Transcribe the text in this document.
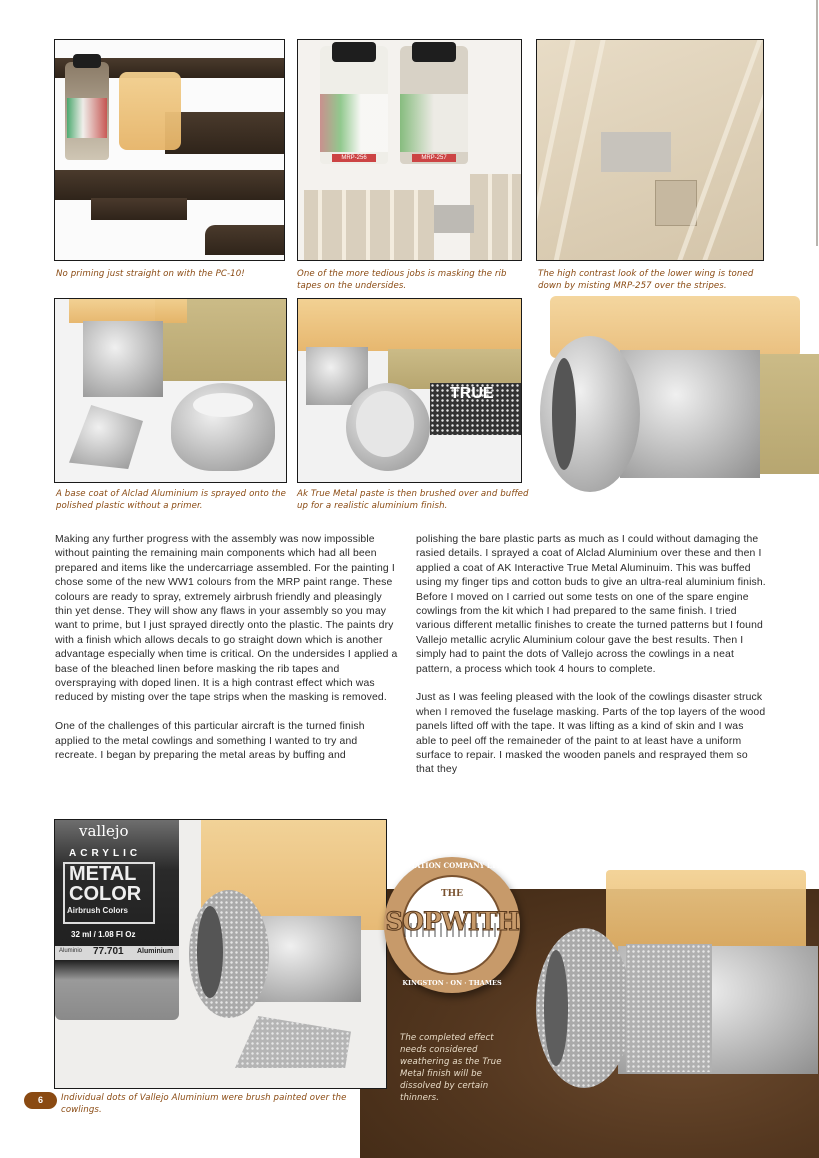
MRP-256	MRP-257
No priming just straight on with the PC-10!	One of the more tedious jobs is masking the rib tapes on the undersides.
The high contrast look of the lower wing is toned down by misting MRP-257 over the stripes.
TRUE
A base coat of Alclad Aluminium is sprayed onto the polished plastic without a primer.
Ak True Metal paste is then brushed over and buffed up for a realistic aluminium finish.

Making any further progress with the assembly was now impossible without painting the remaining main components which had all been prepared and items like the undercarriage assembled. For the painting I chose some of the new WW1 colours from the MRP paint range. These colours are ready to spray, extremely airbrush friendly and pleasingly thin yet dense. They will show any flaws in your assembly so you may want to prime, but I just sprayed directly onto the plastic. The paints dry with a finish which allows decals to go straight down which is another advantage especially when time is critical. On the undersides I applied a base of the bleached linen before masking the rib tapes and overspraying with doped linen. It is a high contrast effect which was reduced by misting over the tape strips when the masking is removed.

One of the challenges of this particular aircraft is the turned finish applied to the metal cowlings and something I wanted to try and recreate. I began by preparing the metal areas by buffing and

polishing the bare plastic parts as much as I could without damaging the rasied details. I sprayed a coat of Alclad Aluminium over these and then I applied a coat of AK Interactive True Metal Aluminuim. This was buffed using my finger tips and cotton buds to give an ultra-real aluminium finish. Before I moved on I carried out some tests on one of the spare engine cowlings from the kit which I had prepared to the same finish. I tried various different metallic finishes to create the turned patterns but I found Vallejo metallic acrylic Aluminium colour gave the best results. Then I simply had to paint the dots of Vallejo across the cowlings in a neat pattern, a process which took 4 hours to complete.

Just as I was feeling pleased with the look of the cowlings disaster struck when I removed the fuselage masking. Parts of the top layers of the wood panels lifted off with the tape. It was lifting as a kind of skin and I was able to peel off the remaineder of the paint to at least have a uniform surface to repair. I masked the wooden panels and resprayed them so that they

vallejo
ACRYLIC
METAL
COLOR
Airbrush Colors
32 ml / 1.08 Fl Oz
Aluminio 77.701 Aluminium
THE
SOPWITH
AVIATION COMPANY LTD
KINGSTON · ON · THAMES
The completed effect needs considered weathering as the True Metal finish will be dissolved by certain thinners.
6	Individual dots of Vallejo Aluminium were brush painted over the cowlings.
